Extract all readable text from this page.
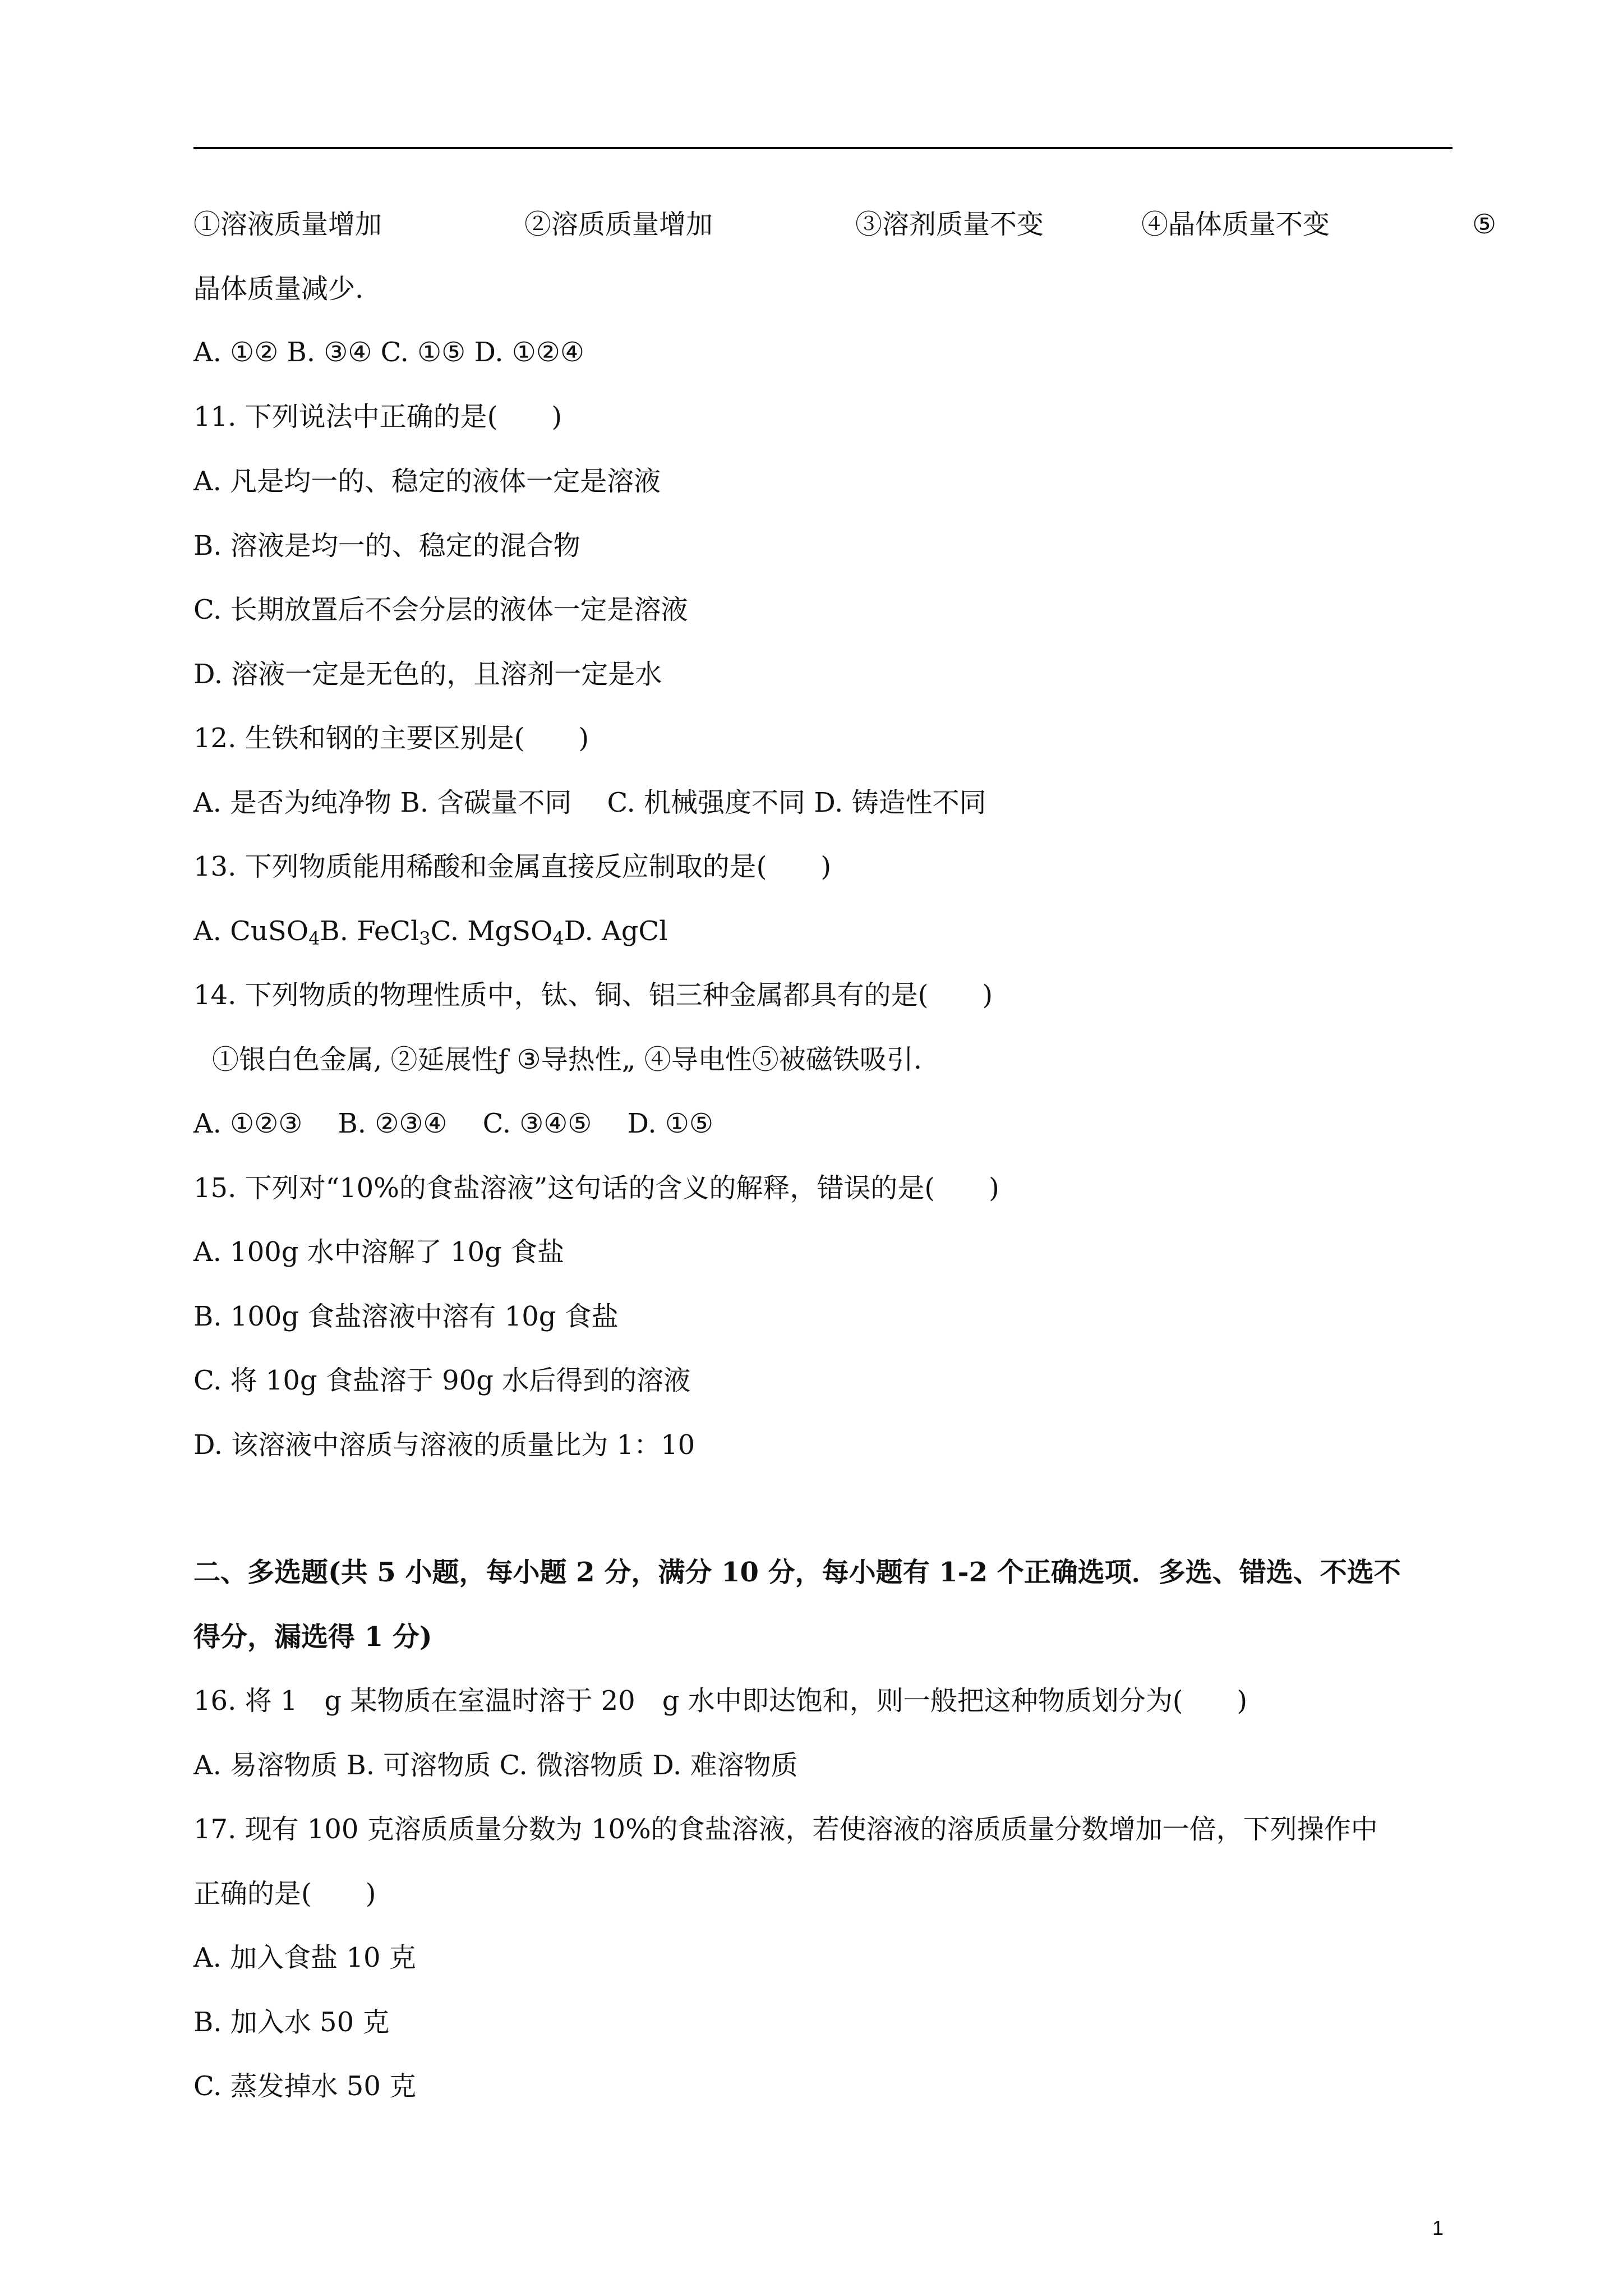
①溶液质量增加	②溶质质量增加	③溶剂质量不变	④晶体质量不变	⑤
晶体质量减少.
A. ①② B. ③④ C. ①⑤ D. ①②④
11. 下列说法中正确的是(　　)
A. 凡是均一的、稳定的液体一定是溶液
B. 溶液是均一的、稳定的混合物
C. 长期放置后不会分层的液体一定是溶液
D. 溶液一定是无色的，且溶剂一定是水
12. 生铁和钢的主要区别是(　　)
A. 是否为纯净物 B. 含碳量不同　 C. 机械强度不同 D. 铸造性不同
13. 下列物质能用稀酸和金属直接反应制取的是(　　)
A. CuSO$_4$B. FeCl$_3$C. MgSO$_4$D. AgCl
14. 下列物质的物理性质中，钛、铜、铝三种金属都具有的是(　　)
①银白色金属, ②延展性ƒ ③导热性„ ④导电性⑤被磁铁吸引.
A. ①②③　 B. ②③④　 C. ③④⑤　 D. ①⑤
15. 下列对“10%的食盐溶液”这句话的含义的解释，错误的是(　　)
A. 100g 水中溶解了 10g 食盐
B. 100g 食盐溶液中溶有 10g 食盐
C. 将 10g 食盐溶于 90g 水后得到的溶液
D. 该溶液中溶质与溶液的质量比为 1：10
二、多选题(共 5 小题，每小题 2 分，满分 10 分，每小题有 1-2 个正确选项．多选、错选、不选不
得分，漏选得 1 分)
16. 将 1　g 某物质在室温时溶于 20　g 水中即达饱和，则一般把这种物质划分为(　　)
A. 易溶物质 B. 可溶物质 C. 微溶物质 D. 难溶物质
17. 现有 100 克溶质质量分数为 10%的食盐溶液，若使溶液的溶质质量分数增加一倍，下列操作中
正确的是(　　)
A. 加入食盐 10 克
B. 加入水 50 克
C. 蒸发掉水 50 克
1
